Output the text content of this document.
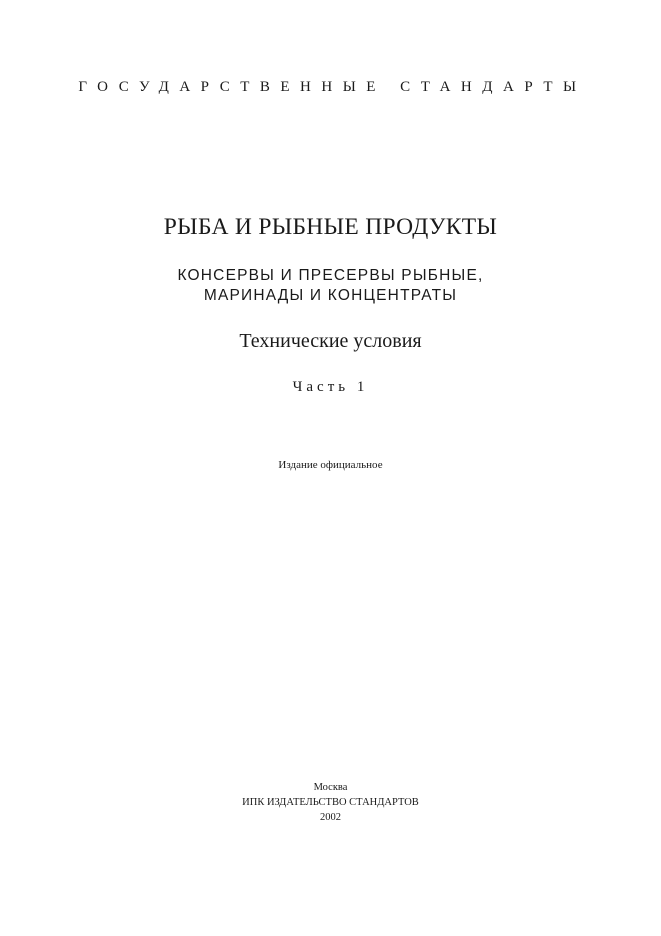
ГОСУДАРСТВЕННЫЕ СТАНДАРТЫ
РЫБА И РЫБНЫЕ ПРОДУКТЫ
КОНСЕРВЫ И ПРЕСЕРВЫ РЫБНЫЕ,
МАРИНАДЫ И КОНЦЕНТРАТЫ
Технические условия
Часть 1
Издание официальное
Москва
ИПК ИЗДАТЕЛЬСТВО СТАНДАРТОВ
2002
